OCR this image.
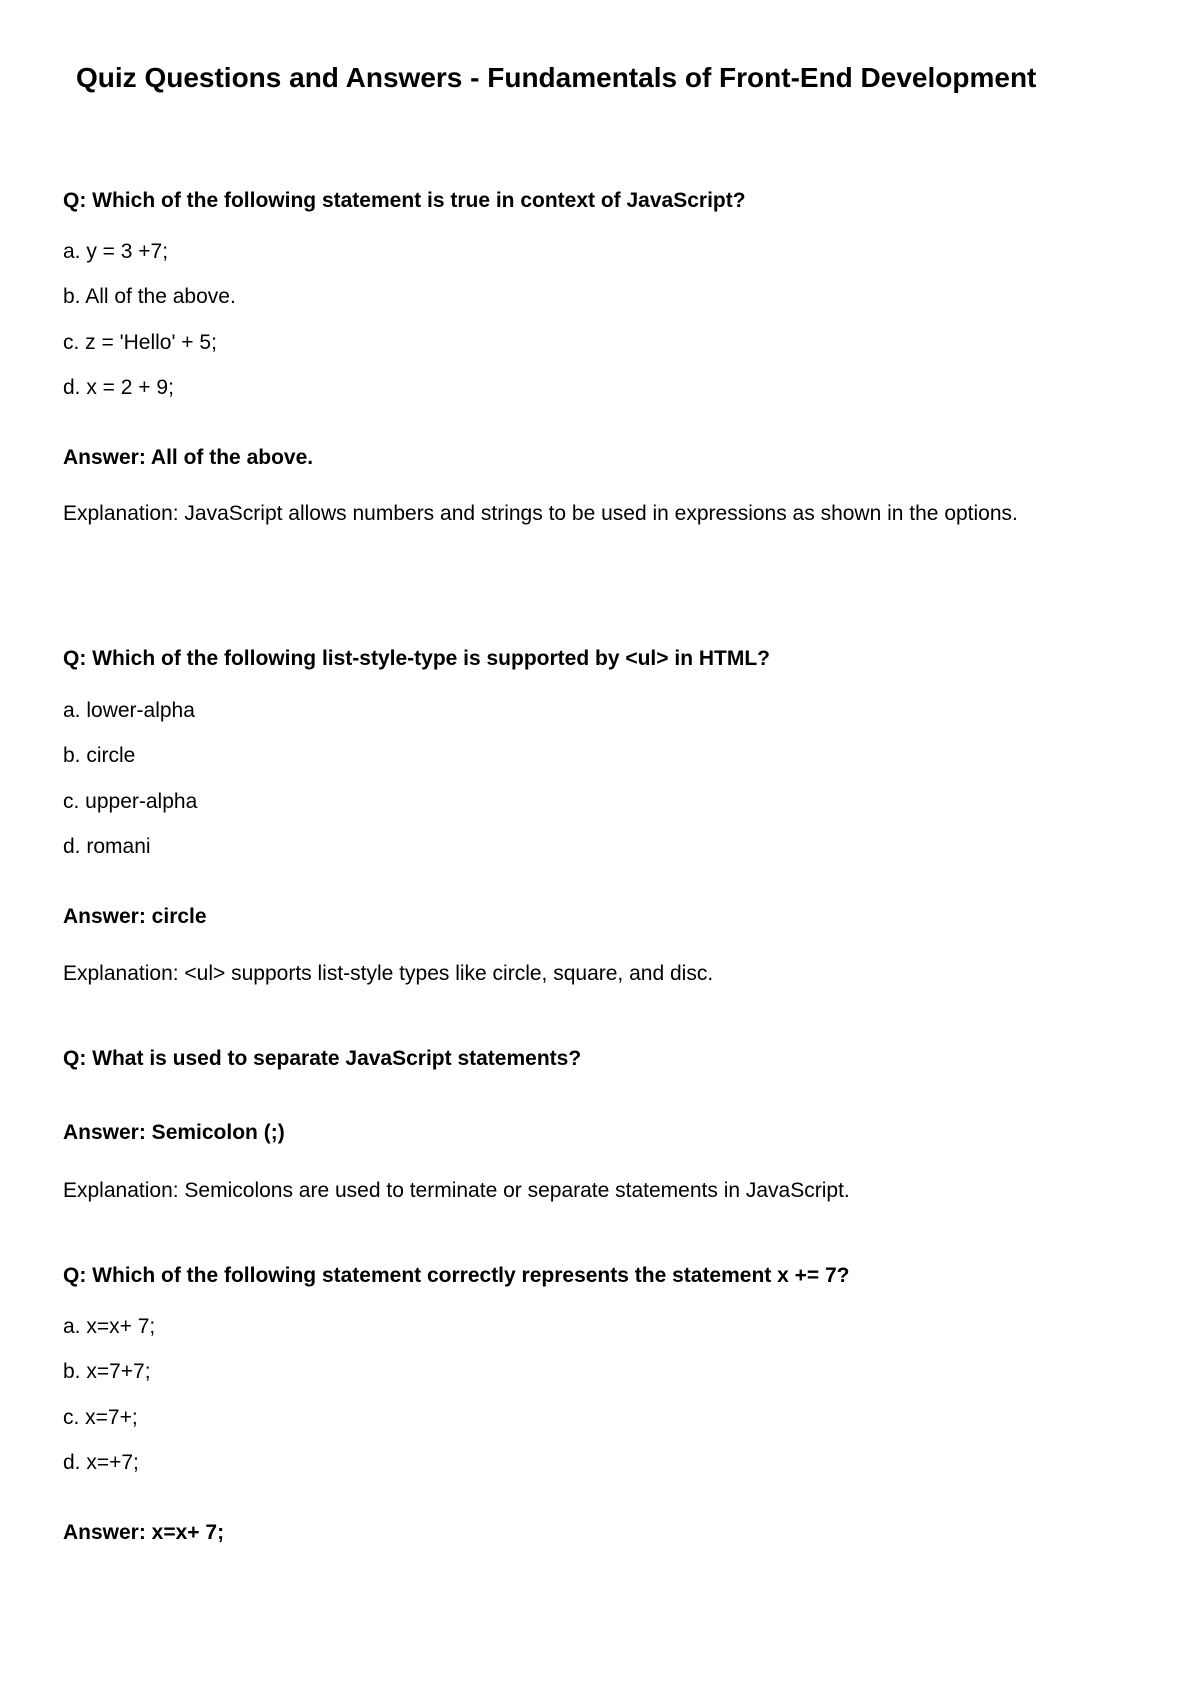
Quiz Questions and Answers - Fundamentals of Front-End Development
Q: Which of the following statement is true in context of JavaScript?
a. y = 3 +7;
b. All of the above.
c. z = 'Hello' + 5;
d. x = 2 + 9;
Answer: All of the above.
Explanation: JavaScript allows numbers and strings to be used in expressions as shown in the options.
Q: Which of the following list-style-type is supported by <ul> in HTML?
a. lower-alpha
b. circle
c. upper-alpha
d. romani
Answer: circle
Explanation: <ul> supports list-style types like circle, square, and disc.
Q: What is used to separate JavaScript statements?
Answer: Semicolon (;)
Explanation: Semicolons are used to terminate or separate statements in JavaScript.
Q: Which of the following statement correctly represents the statement x += 7?
a. x=x+ 7;
b. x=7+7;
c. x=7+;
d. x=+7;
Answer: x=x+ 7;
